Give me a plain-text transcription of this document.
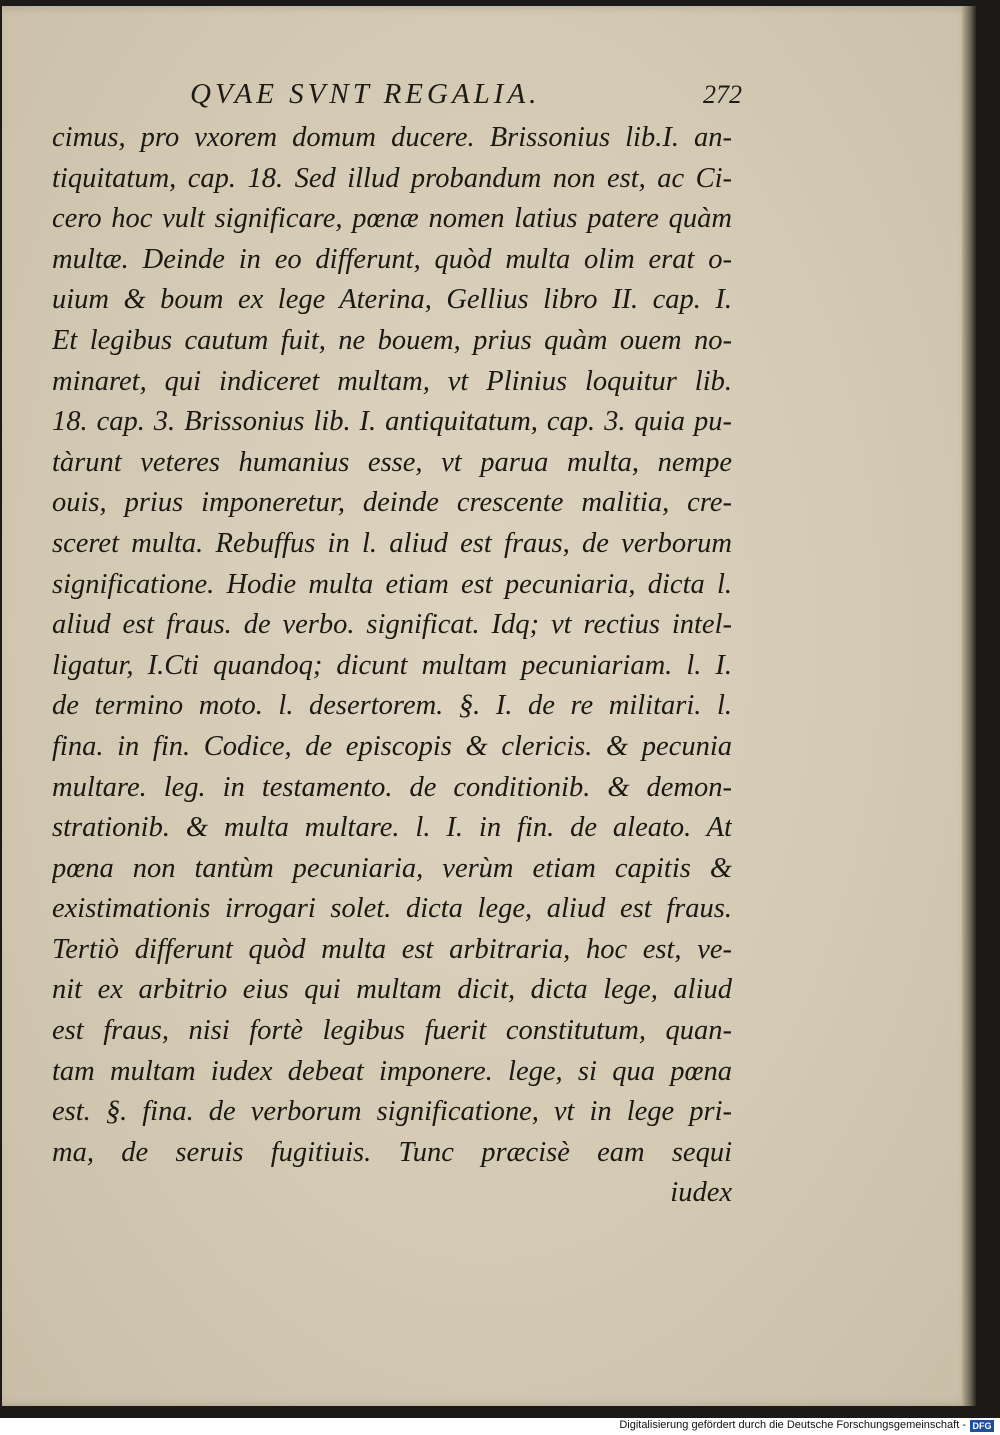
QVAE SVNT REGALIA.	272
cimus, pro vxorem domum ducere. Brissonius lib.I. an-
tiquitatum, cap. 18. Sed illud probandum non est, ac Ci-
cero hoc vult significare, pœnæ nomen latius patere quàm
multæ. Deinde in eo differunt, quòd multa olim erat o-
uium & boum ex lege Aterina, Gellius libro II. cap. I.
Et legibus cautum fuit, ne bouem, prius quàm ouem no-
minaret, qui indiceret multam, vt Plinius loquitur lib.
18. cap. 3. Brissonius lib. I. antiquitatum, cap. 3. quia pu-
tàrunt veteres humanius esse, vt parua multa, nempe
ouis, prius imponeretur, deinde crescente malitia, cre-
sceret multa. Rebuffus in l. aliud est fraus, de verborum
significatione. Hodie multa etiam est pecuniaria, dicta l.
aliud est fraus. de verbo. significat. Idq; vt rectius intel-
ligatur, I.Cti quandoq; dicunt multam pecuniariam. l. I.
de termino moto. l. desertorem. §. I. de re militari. l.
fina. in fin. Codice, de episcopis & clericis. & pecunia
multare. leg. in testamento. de conditionib. & demon-
strationib. & multa multare. l. I. in fin. de aleato. At
pœna non tantùm pecuniaria, verùm etiam capitis &
existimationis irrogari solet. dicta lege, aliud est fraus.
Tertiò differunt quòd multa est arbitraria, hoc est, ve-
nit ex arbitrio eius qui multam dicit, dicta lege, aliud
est fraus, nisi fortè legibus fuerit constitutum, quan-
tam multam iudex debeat imponere. lege, si qua pœna
est. §. fina. de verborum significatione, vt in lege pri-
ma, de seruis fugitiuis. Tunc præcisè eam sequi
iudex
Digitalisierung gefördert durch die Deutsche Forschungsgemeinschaft - DFG
